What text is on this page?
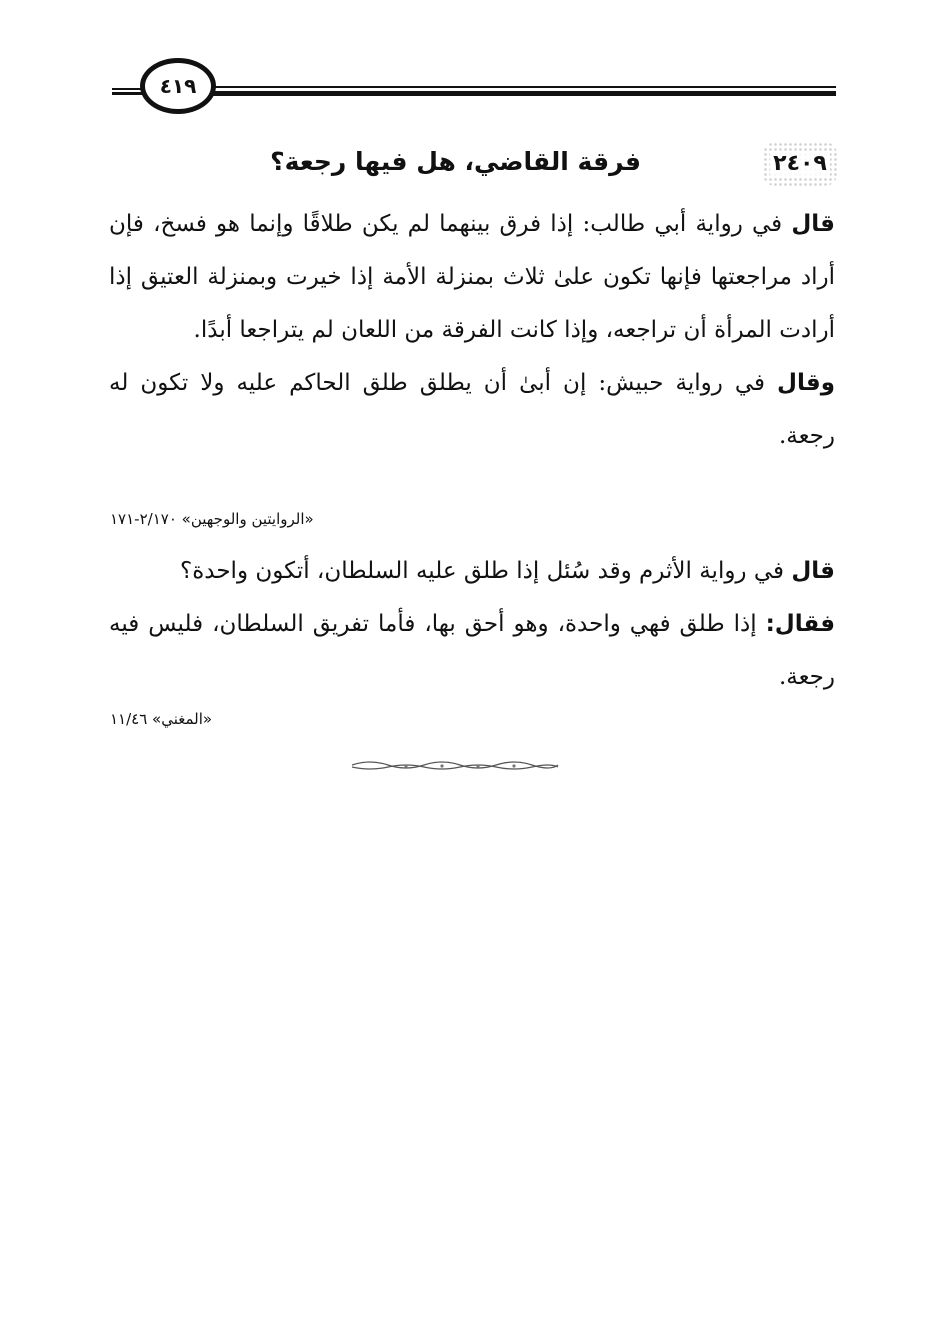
٤١٩
٢٤٠٩
فرقة القاضي، هل فيها رجعة؟
قال في رواية أبي طالب: إذا فرق بينهما لم يكن طلاقًا وإنما هو فسخ، فإن أراد مراجعتها فإنها تكون علىٰ ثلاث بمنزلة الأمة إذا خيرت وبمنزلة العتيق إذا أرادت المرأة أن تراجعه، وإذا كانت الفرقة من اللعان لم يتراجعا أبدًا.
وقال في رواية حبيش: إن أبىٰ أن يطلق طلق الحاكم عليه ولا تكون له رجعة.
«الروايتين والوجهين» ٢/١٧٠-١٧١
قال في رواية الأثرم وقد سُئل إذا طلق عليه السلطان، أتكون واحدة؟
فقال: إذا طلق فهي واحدة، وهو أحق بها، فأما تفريق السلطان، فليس فيه رجعة.
«المغني» ١١/٤٦
